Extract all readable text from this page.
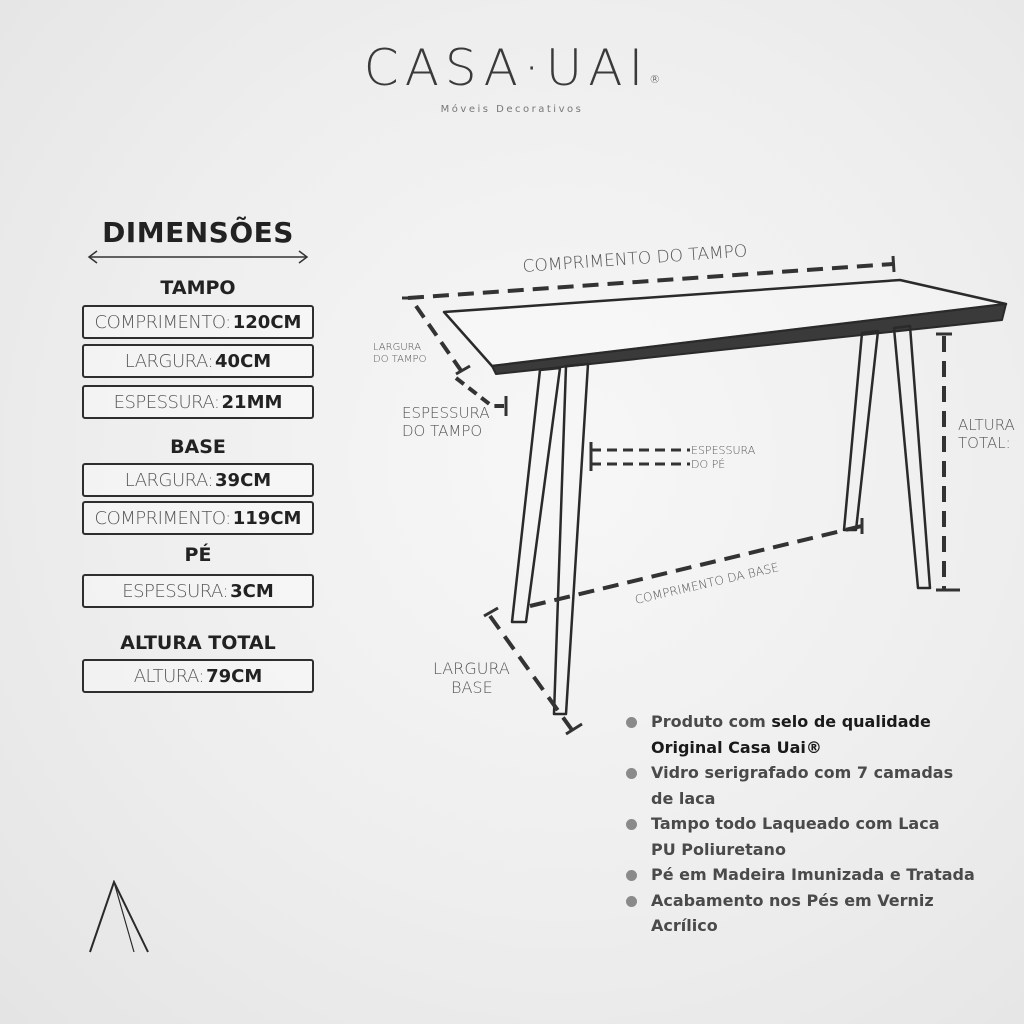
CASA·UAI®
Móveis Decorativos
DIMENSÕES
TAMPO
COMPRIMENTO: 120CM
LARGURA: 40CM
ESPESSURA: 21MM
BASE
LARGURA: 39CM
COMPRIMENTO: 119CM
PÉ
ESPESSURA: 3CM
ALTURA TOTAL
ALTURA: 79CM
COMPRIMENTO DO TAMPO
LARGURA
DO TAMPO
ESPESSURA
DO TAMPO
ESPESSURA
DO PÉ
ALTURA
TOTAL:
COMPRIMENTO DA BASE
LARGURA
BASE
Produto com selo de qualidade
Original Casa Uai®
Vidro serigrafado com 7 camadas
de laca
Tampo todo Laqueado com Laca
PU Poliuretano
Pé em Madeira Imunizada e Tratada
Acabamento nos Pés em Verniz
Acrílico
